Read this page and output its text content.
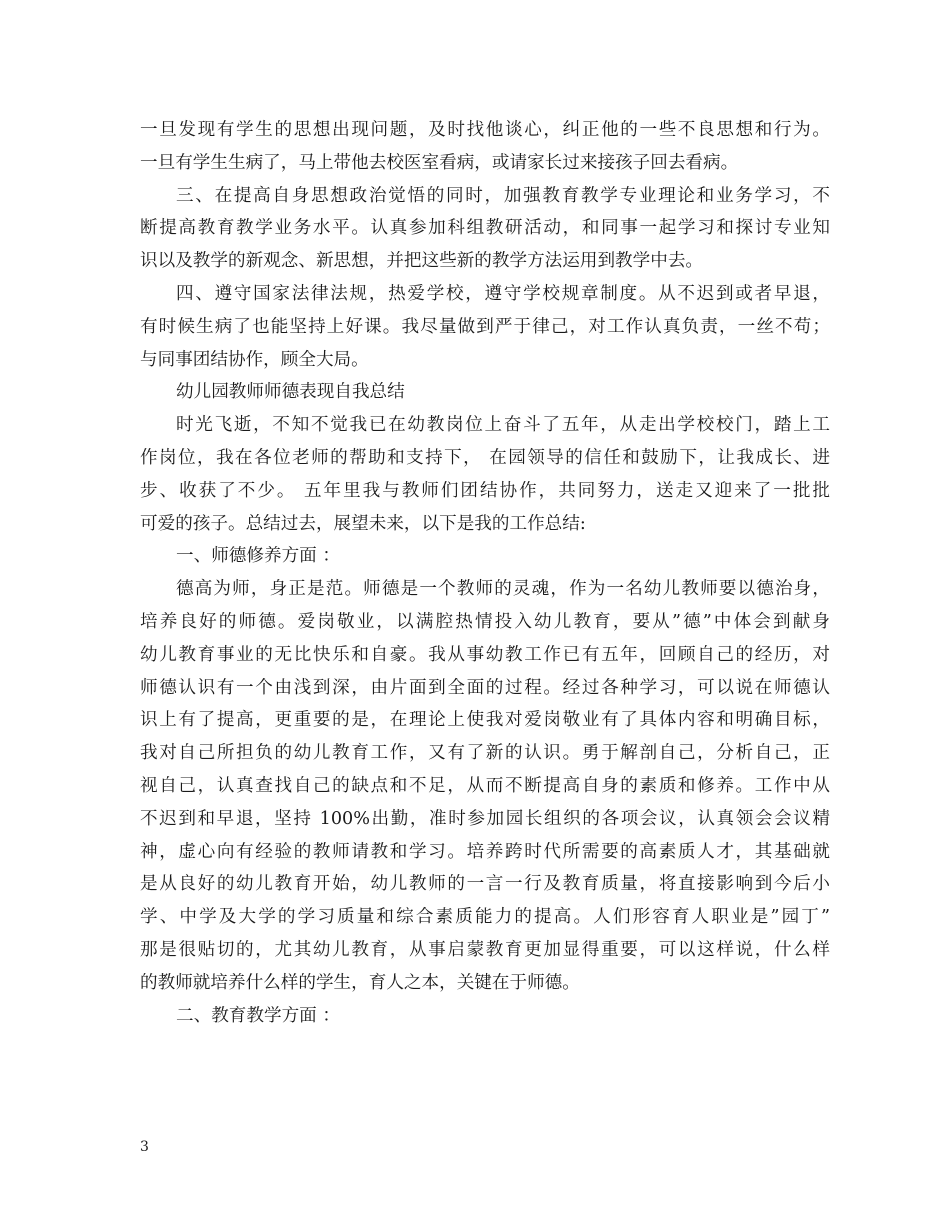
一旦发现有学生的思想出现问题，及时找他谈心，纠正他的一些不良思想和行为。
一旦有学生生病了，马上带他去校医室看病，或请家长过来接孩子回去看病。
三、在提高自身思想政治觉悟的同时，加强教育教学专业理论和业务学习，不
断提高教育教学业务水平。认真参加科组教研活动，和同事一起学习和探讨专业知
识以及教学的新观念、新思想，并把这些新的教学方法运用到教学中去。
四、遵守国家法律法规，热爱学校，遵守学校规章制度。从不迟到或者早退，
有时候生病了也能坚持上好课。我尽量做到严于律己，对工作认真负责，一丝不苟；
与同事团结协作，顾全大局。
幼儿园教师师德表现自我总结
时光飞逝，不知不觉我已在幼教岗位上奋斗了五年，从走出学校校门，踏上工
作岗位，我在各位老师的帮助和支持下， 在园领导的信任和鼓励下，让我成长、进
步、收获了不少。 五年里我与教师们团结协作，共同努力，送走又迎来了一批批
可爱的孩子。总结过去，展望未来，以下是我的工作总结:
一、师德修养方面 ：
德高为师，身正是范。师德是一个教师的灵魂，作为一名幼儿教师要以德治身，
培养良好的师德。爱岗敬业，以满腔热情投入幼儿教育，要从”德”中体会到献身
幼儿教育事业的无比快乐和自豪。我从事幼教工作已有五年，回顾自己的经历，对
师德认识有一个由浅到深，由片面到全面的过程。经过各种学习，可以说在师德认
识上有了提高，更重要的是，在理论上使我对爱岗敬业有了具体内容和明确目标，
我对自己所担负的幼儿教育工作，又有了新的认识。勇于解剖自己，分析自己，正
视自己，认真查找自己的缺点和不足，从而不断提高自身的素质和修养。工作中从
不迟到和早退，坚持 100%出勤，准时参加园长组织的各项会议，认真领会会议精
神，虚心向有经验的教师请教和学习。培养跨时代所需要的高素质人才，其基础就
是从良好的幼儿教育开始，幼儿教师的一言一行及教育质量，将直接影响到今后小
学、中学及大学的学习质量和综合素质能力的提高。人们形容育人职业是”园丁”
那是很贴切的，尤其幼儿教育，从事启蒙教育更加显得重要，可以这样说，什么样
的教师就培养什么样的学生，育人之本，关键在于师德。
二、教育教学方面 ：
3
